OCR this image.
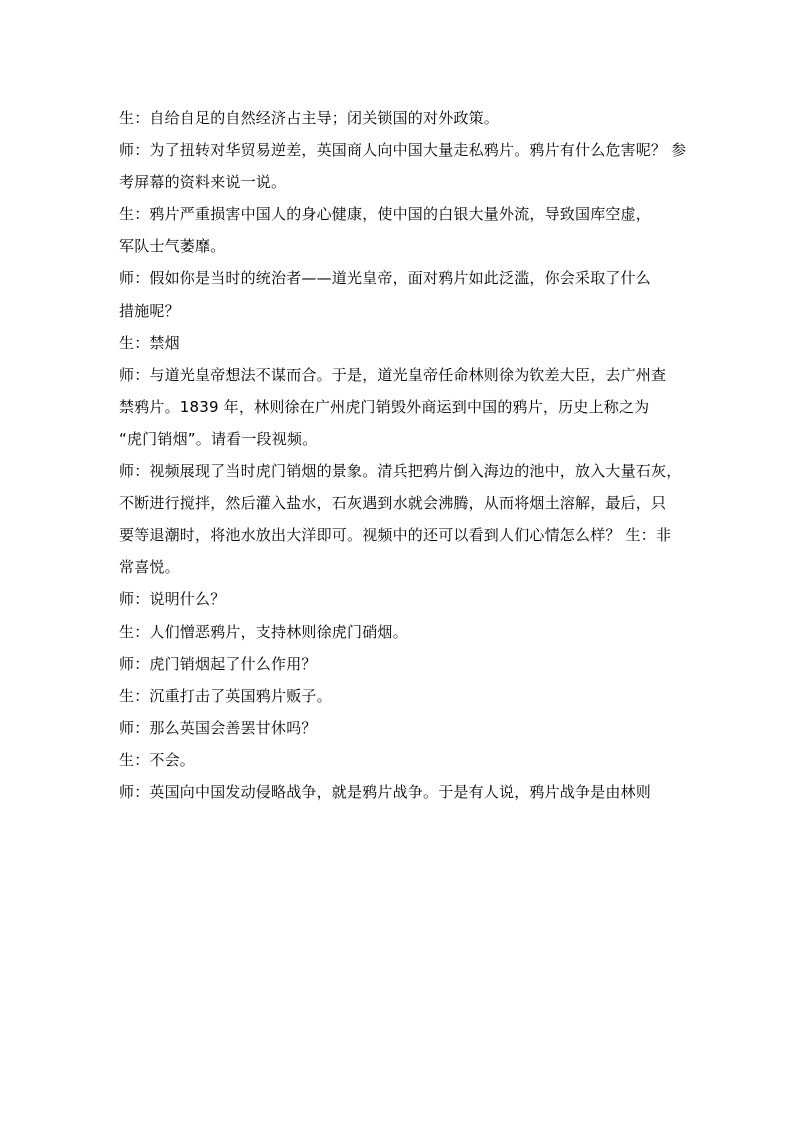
生：自给自足的自然经济占主导；闭关锁国的对外政策。
师：为了扭转对华贸易逆差，英国商人向中国大量走私鸦片。鸦片有什么危害呢？ 参
考屏幕的资料来说一说。
生：鸦片严重损害中国人的身心健康，使中国的白银大量外流，导致国库空虚，
军队士气萎靡。
师：假如你是当时的统治者——道光皇帝，面对鸦片如此泛滥，你会采取了什么
措施呢？
生：禁烟
师：与道光皇帝想法不谋而合。于是，道光皇帝任命林则徐为钦差大臣，去广州查
禁鸦片。1839 年，林则徐在广州虎门销毁外商运到中国的鸦片，历史上称之为
“虎门销烟”。请看一段视频。
师：视频展现了当时虎门销烟的景象。清兵把鸦片倒入海边的池中，放入大量石灰，
不断进行搅拌，然后灌入盐水，石灰遇到水就会沸腾，从而将烟土溶解，最后，只
要等退潮时，将池水放出大洋即可。视频中的还可以看到人们心情怎么样？ 生：非
常喜悦。
师：说明什么？
生：人们憎恶鸦片，支持林则徐虎门硝烟。
师：虎门销烟起了什么作用？
生：沉重打击了英国鸦片贩子。
师：那么英国会善罢甘休吗？
生：不会。
师：英国向中国发动侵略战争，就是鸦片战争。于是有人说，鸦片战争是由林则
